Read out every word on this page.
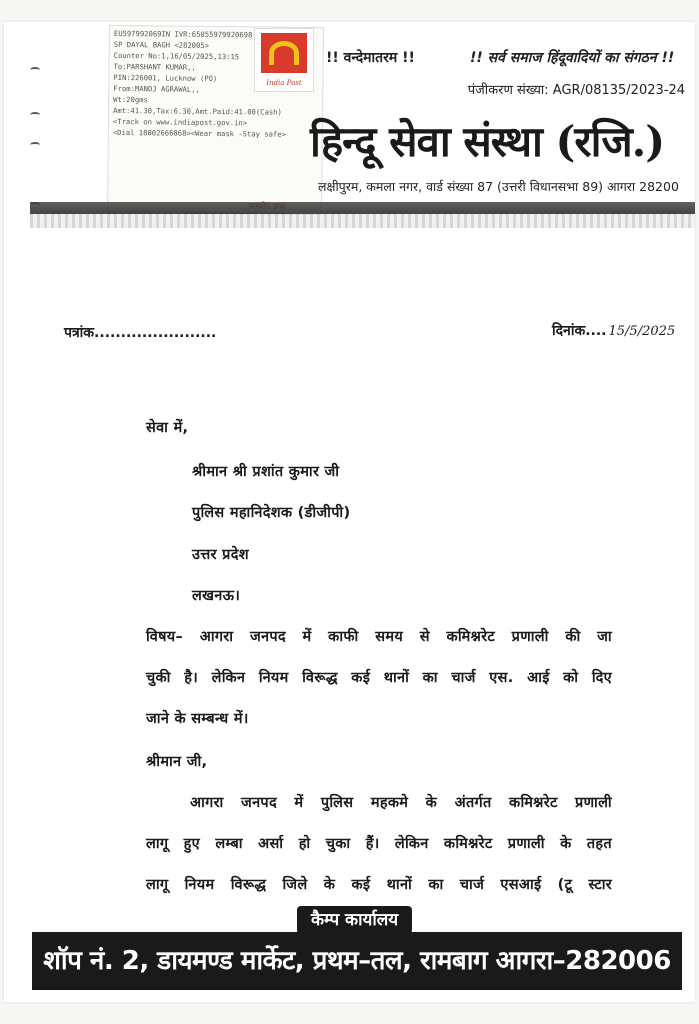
EU597992069IN IVR:65055979920698
SP DAYAL BAGH <282005>
Counter No:1,16/05/2025,13:15
To:PARSHANT KUMAR,,
PIN:226001, Lucknow (PO)
From:MANOJ AGRAWAL,,
Wt:20gms
Amt:41.30,Tax:6.30,Amt.Paid:41.00(Cash)
<Track on www.indiapost.gov.in>
<Dial 18002666868><Wear mask -Stay safe>
India Post
!! वन्देमातरम !!	!! सर्व समाज हिंदूवादियों का संगठन !!
पंजीकरण संख्या: AGR/08135/2023-24
हिन्दू सेवा संस्था (रजि.)
लक्षीपुरम, कमला नगर, वार्ड संख्या 87 (उत्तरी विधानसभा 89) आगरा 28200
पत्रांक.......................	दिनांक.... 15/5/2025
सेवा में,
श्रीमान श्री प्रशांत कुमार जी
पुलिस महानिदेशक (डीजीपी)
उत्तर प्रदेश
लखनऊ।
विषय– आगरा जनपद में काफी समय से कमिश्नरेट प्रणाली की जा
चुकी है। लेकिन नियम विरूद्ध कई थानों का चार्ज एस. आई को दिए
जाने के सम्बन्ध में।
श्रीमान जी,
आगरा जनपद में पुलिस महकमे के अंतर्गत कमिश्नरेट प्रणाली
लागू हुए लम्बा अर्सा हो चुका हैं। लेकिन कमिश्नरेट प्रणाली के तहत
लागू नियम विरूद्ध जिले के कई थानों का चार्ज एसआई (टू स्टार
शॉप नं. 2, डायमण्ड मार्केट, प्रथम–तल, रामबाग आगरा–282006
कैम्प कार्यालय
